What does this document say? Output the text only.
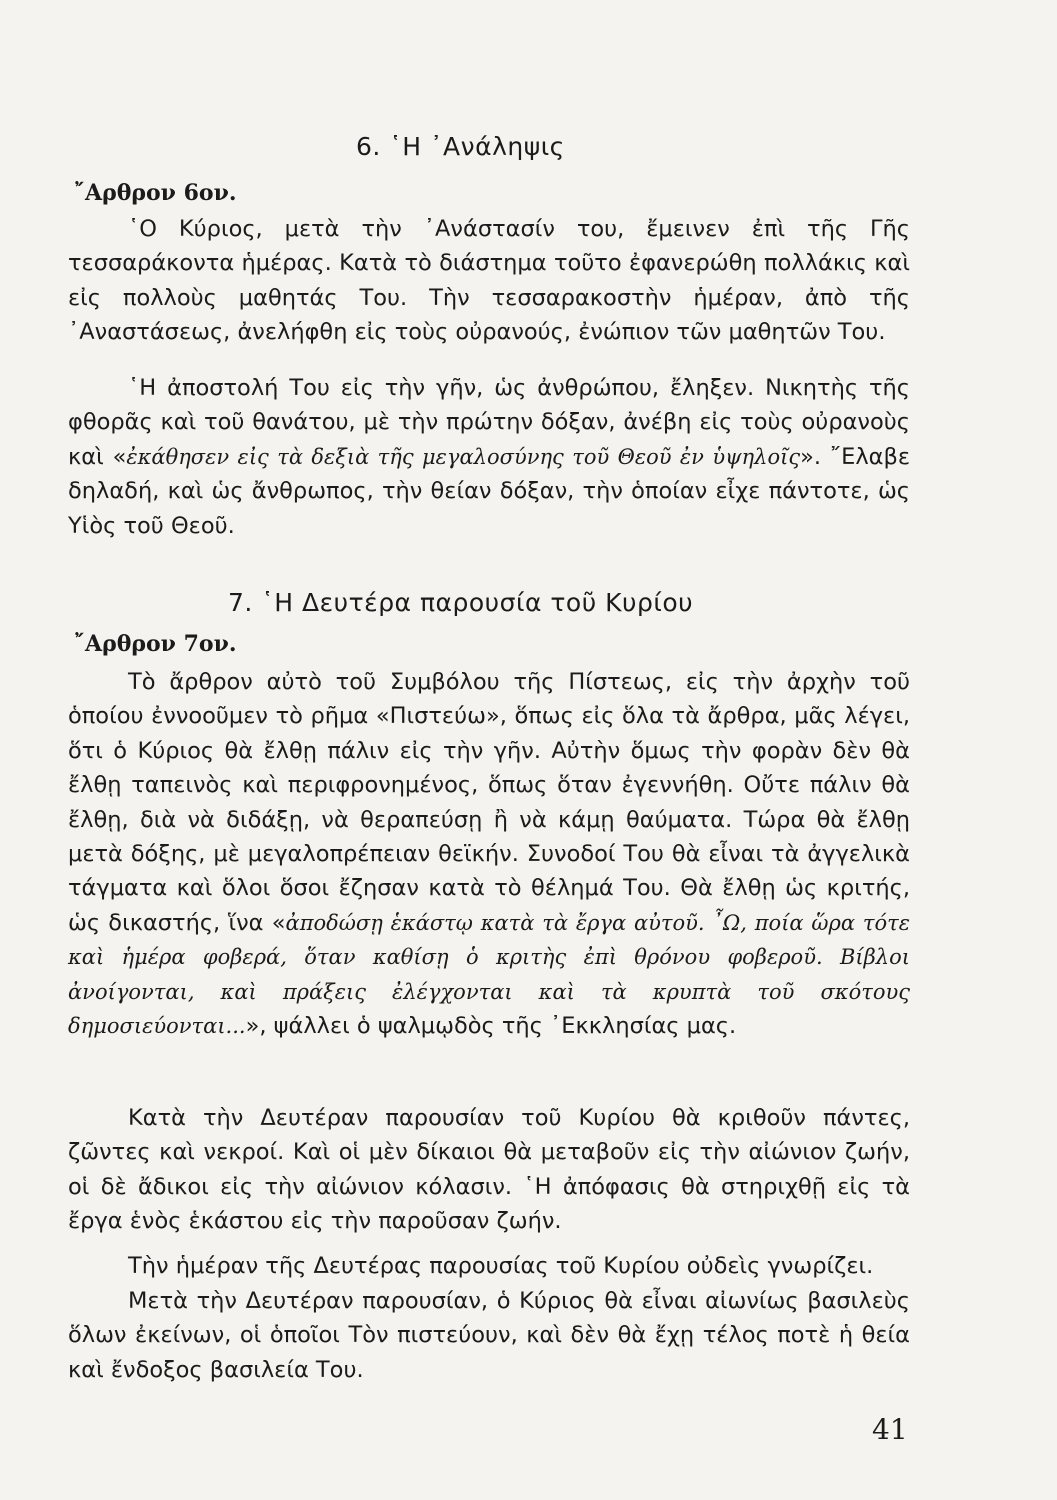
6. ῾Η ᾽Ανάληψις
῎Αρθρον 6ον.

῾Ο Κύριος, μετὰ τὴν ᾽Ανάστασίν του, ἔμεινεν ἐπὶ τῆς Γῆς τεσσαράκοντα ἡμέρας. Κατὰ τὸ διάστημα τοῦτο ἐφανερώθη πολλάκις καὶ εἰς πολλοὺς μαθητάς Του. Τὴν τεσσαρακοστὴν ἡμέραν, ἀπὸ τῆς ᾽Αναστάσεως, ἀνελήφθη εἰς τοὺς οὐρανούς, ἐνώπιον τῶν μαθητῶν Του.

῾Η ἀποστολή Του εἰς τὴν γῆν, ὡς ἀνθρώπου, ἔληξεν. Νικητὴς τῆς φθορᾶς καὶ τοῦ θανάτου, μὲ τὴν πρώτην δόξαν, ἀνέβη εἰς τοὺς οὐρανοὺς καὶ «ἐκάθησεν εἰς τὰ δεξιὰ τῆς μεγαλοσύνης τοῦ Θεοῦ ἐν ὑψηλοῖς». ῎Ελαβε δηλαδή, καὶ ὡς ἄνθρωπος, τὴν θείαν δόξαν, τὴν ὁποίαν εἶχε πάντοτε, ὡς Υἱὸς τοῦ Θεοῦ.

7. ῾Η Δευτέρα παρουσία τοῦ Κυρίου
῎Αρθρον 7ον.

Τὸ ἄρθρον αὐτὸ τοῦ Συμβόλου τῆς Πίστεως, εἰς τὴν ἀρχὴν τοῦ ὁποίου ἐννοοῦμεν τὸ ρῆμα «Πιστεύω», ὅπως εἰς ὅλα τὰ ἄρθρα, μᾶς λέγει, ὅτι ὁ Κύριος θὰ ἔλθῃ πάλιν εἰς τὴν γῆν. Αὐτὴν ὅμως τὴν φορὰν δὲν θὰ ἔλθῃ ταπεινὸς καὶ περιφρονημένος, ὅπως ὅταν ἐγεννήθη. Οὔτε πάλιν θὰ ἔλθῃ, διὰ νὰ διδάξῃ, νὰ θεραπεύσῃ ἢ νὰ κάμῃ θαύματα. Τώρα θὰ ἔλθῃ μετὰ δόξης, μὲ μεγαλοπρέπειαν θεϊκήν. Συνοδοί Του θὰ εἶναι τὰ ἀγγελικὰ τάγματα καὶ ὅλοι ὅσοι ἔζησαν κατὰ τὸ θέλημά Του. Θὰ ἔλθῃ ὡς κριτής, ὡς δικαστής, ἵνα «ἀποδώσῃ ἑκάστῳ κατὰ τὰ ἔργα αὐτοῦ. ῏Ω, ποία ὥρα τότε καὶ ἡμέρα φοβερά, ὅταν καθίσῃ ὁ κριτὴς ἐπὶ θρόνου φοβεροῦ. Βίβλοι ἀνοίγονται, καὶ πράξεις ἐλέγχονται καὶ τὰ κρυπτὰ τοῦ σκότους δημοσιεύονται...», ψάλλει ὁ ψαλμῳδὸς τῆς ᾽Εκκλησίας μας.

Κατὰ τὴν Δευτέραν παρουσίαν τοῦ Κυρίου θὰ κριθοῦν πάντες, ζῶντες καὶ νεκροί. Καὶ οἱ μὲν δίκαιοι θὰ μεταβοῦν εἰς τὴν αἰώνιον ζωήν, οἱ δὲ ἄδικοι εἰς τὴν αἰώνιον κόλασιν. ῾Η ἀπόφασις θὰ στηριχθῇ εἰς τὰ ἔργα ἑνὸς ἑκάστου εἰς τὴν παροῦσαν ζωήν.

Τὴν ἡμέραν τῆς Δευτέρας παρουσίας τοῦ Κυρίου οὐδεὶς γνωρίζει.

Μετὰ τὴν Δευτέραν παρουσίαν, ὁ Κύριος θὰ εἶναι αἰωνίως βασιλεὺς ὅλων ἐκείνων, οἱ ὁποῖοι Τὸν πιστεύουν, καὶ δὲν θὰ ἔχῃ τέλος ποτὲ ἡ θεία καὶ ἔνδοξος βασιλεία Του.

41
